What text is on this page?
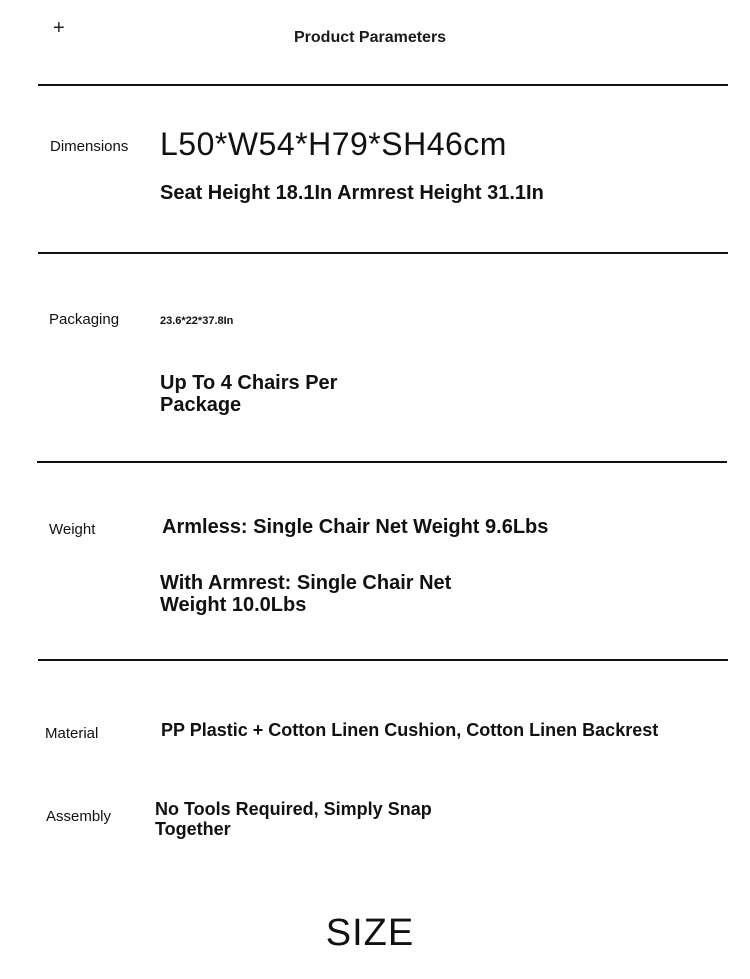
+	Product Parameters
Dimensions L50*W54*H79*SH46cm
Seat Height 18.1In Armrest Height 31.1In
Packaging	23.6*22*37.8In
Up To 4 Chairs Per
Package
Weight	Armless: Single Chair Net Weight 9.6Lbs
With Armrest: Single Chair Net
Weight 10.0Lbs
Material	PP Plastic + Cotton Linen Cushion, Cotton Linen Backrest
Assembly No Tools Required, Simply Snap
Together
SIZE
